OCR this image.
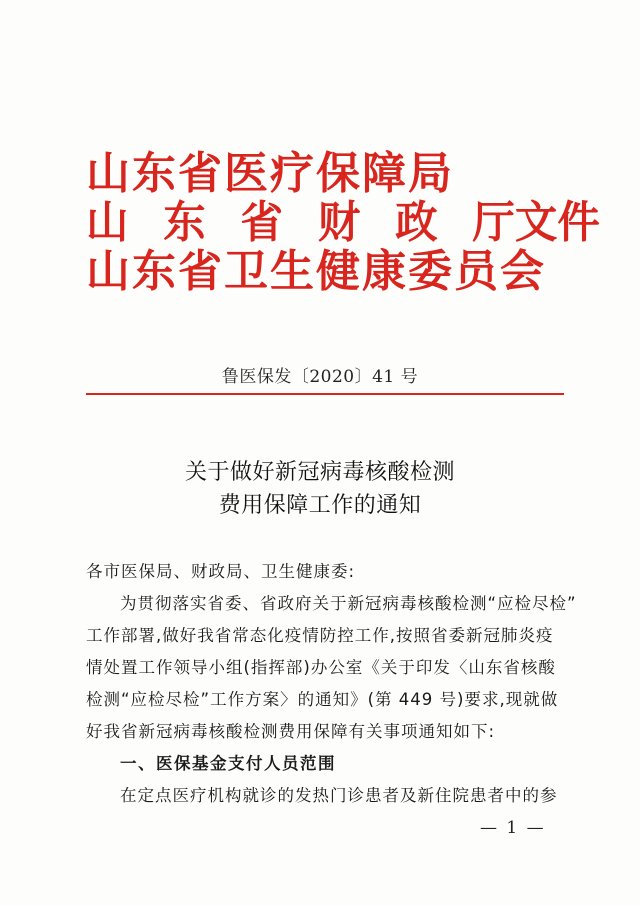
山东省医疗保障局
山 东 省 财 政 厅文件
山东省卫生健康委员会
鲁医保发〔2020〕41 号
关于做好新冠病毒核酸检测
费用保障工作的通知
各市医保局、财政局、卫生健康委:
为贯彻落实省委、省政府关于新冠病毒核酸检测“应检尽检”
工作部署,做好我省常态化疫情防控工作,按照省委新冠肺炎疫
情处置工作领导小组(指挥部)办公室《关于印发〈山东省核酸
检测“应检尽检”工作方案〉的通知》(第 449 号)要求,现就做
好我省新冠病毒核酸检测费用保障有关事项通知如下:
一、医保基金支付人员范围
在定点医疗机构就诊的发热门诊患者及新住院患者中的参
— 1 —
